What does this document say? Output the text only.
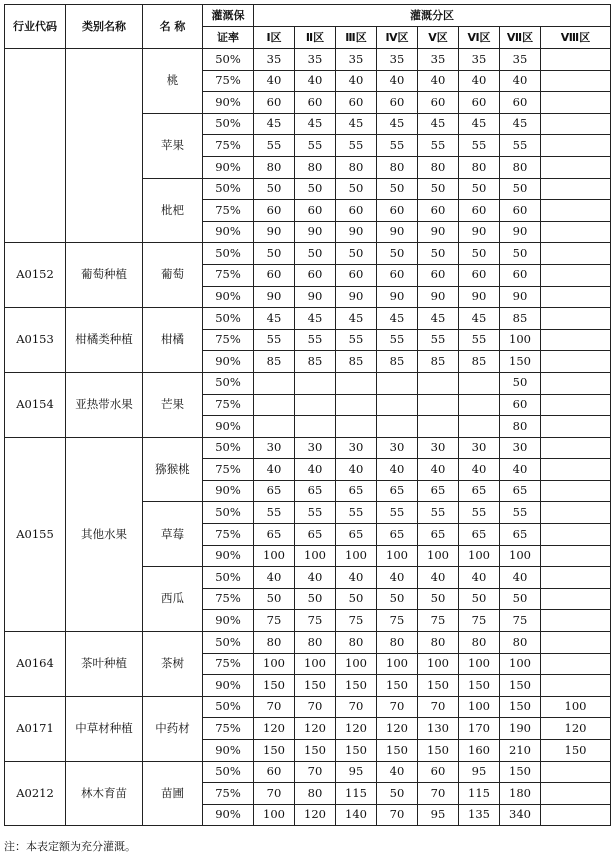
行业代码	类别名称	名 称	灌溉保	灌溉分区							
			证率	Ⅰ区	Ⅱ区	Ⅲ区	Ⅳ区	Ⅴ区	Ⅵ区	Ⅶ区	Ⅷ区
		桃	50%	35	35	35	35	35	35	35	
			75%	40	40	40	40	40	40	40	
			90%	60	60	60	60	60	60	60	
		苹果	50%	45	45	45	45	45	45	45	
			75%	55	55	55	55	55	55	55	
			90%	80	80	80	80	80	80	80	
		枇杷	50%	50	50	50	50	50	50	50	
			75%	60	60	60	60	60	60	60	
			90%	90	90	90	90	90	90	90	
A0152	葡萄种植	葡萄	50%	50	50	50	50	50	50	50	
			75%	60	60	60	60	60	60	60	
			90%	90	90	90	90	90	90	90	
A0153	柑橘类种植	柑橘	50%	45	45	45	45	45	45	85	
			75%	55	55	55	55	55	55	100	
			90%	85	85	85	85	85	85	150	
A0154	亚热带水果	芒果	50%							50	
			75%							60	
			90%							80	
A0155	其他水果	猕猴桃	50%	30	30	30	30	30	30	30	
			75%	40	40	40	40	40	40	40	
			90%	65	65	65	65	65	65	65	
		草莓	50%	55	55	55	55	55	55	55	
			75%	65	65	65	65	65	65	65	
			90%	100	100	100	100	100	100	100	
		西瓜	50%	40	40	40	40	40	40	40	
			75%	50	50	50	50	50	50	50	
			90%	75	75	75	75	75	75	75	
A0164	茶叶种植	茶树	50%	80	80	80	80	80	80	80	
			75%	100	100	100	100	100	100	100	
			90%	150	150	150	150	150	150	150	
A0171	中草材种植	中药材	50%	70	70	70	70	70	100	150	100
			75%	120	120	120	120	130	170	190	120
			90%	150	150	150	150	150	160	210	150
A0212	林木育苗	苗圃	50%	60	70	95	40	60	95	150	
			75%	70	80	115	50	70	115	180	
			90%	100	120	140	70	95	135	340	
注：本表定额为充分灌溉。
